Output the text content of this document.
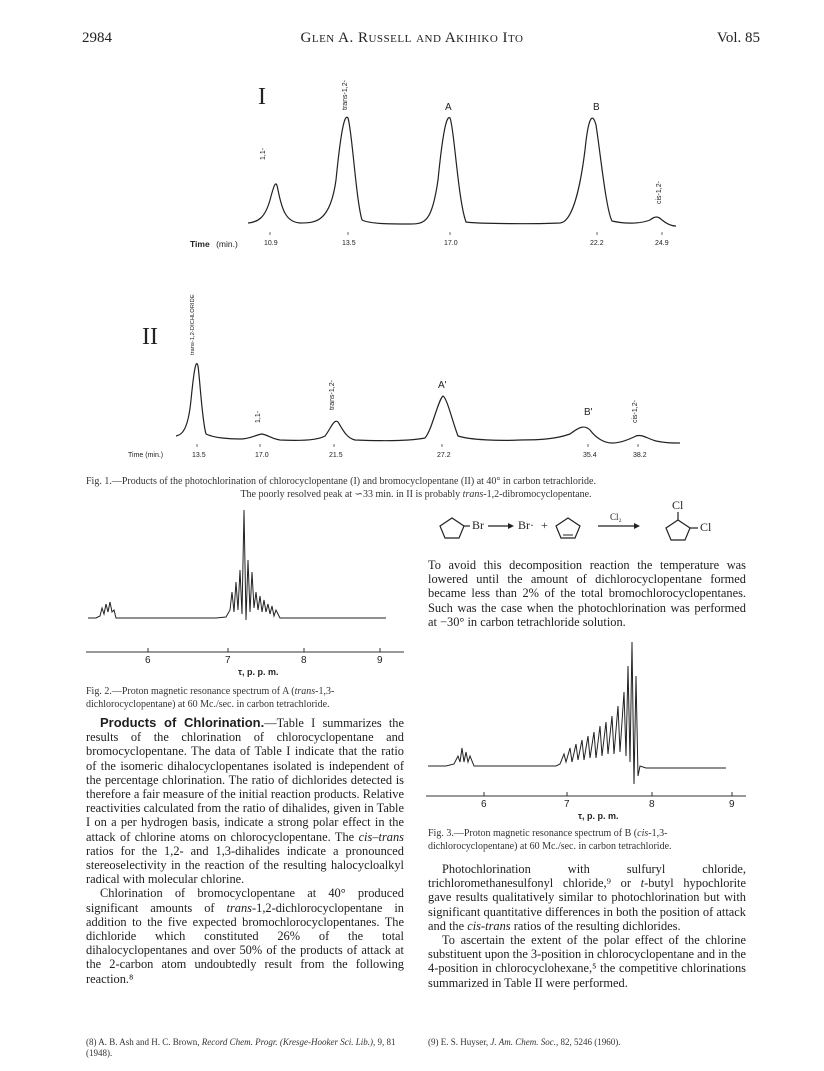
2984	Glen A. Russell and Akihiko Ito	Vol. 85
I
1,1-
trans-1,2-	A	B
cis-1,2-
Time (min.)	10.9	13.5	17.0	22.2	24.9
II	trans-1,2-DICHLORIDE
1,1-
trans-1,2-	A'
B'	cis-1,2-
Time (min.)	13.5	17.0	21.5	27.2	35.4	38.2
Fig. 1.—Products of the photochlorination of chlorocyclopentane (I) and bromocyclopentane (II) at 40° in carbon tetrachloride.
The poorly resolved peak at ∽33 min. in II is probably trans-1,2-dibromocyclopentane.
6	7	8	9
τ, p. p. m.
Fig. 2.—Proton magnetic resonance spectrum of A (trans-1,3-dichlorocyclopentane) at 60 Mc./sec. in carbon tetrachloride.

Products of Chlorination.—Table I summarizes the results of the chlorination of chlorocyclopentane and bromocyclopentane. The data of Table I indicate that the ratio of the isomeric dihalocyclopentanes isolated is independent of the percentage chlorination. The ratio of dichlorides detected is therefore a fair measure of the initial reaction products. Relative reactivities calculated from the ratio of dihalides, given in Table I on a per hydrogen basis, indicate a strong polar effect in the attack of chlorine atoms on chlorocyclopentane. The cis–trans ratios for the 1,2- and 1,3-dihalides indicate a pronounced stereoselectivity in the reaction of the resulting halocycloalkyl radical with molecular chlorine.

Chlorination of bromocyclopentane at 40° produced significant amounts of trans-1,2-dichlorocyclopentane in addition to the five expected bromochlorocyclopentanes. The dichloride which constituted 26% of the total dihalocyclopentanes and over 50% of the products of attack at the 2-carbon atom undoubtedly result from the following reaction.⁸

(8) A. B. Ash and H. C. Brown, Record Chem. Progr. (Kresge-Hooker Sci. Lib.), 9, 81 (1948).
Br	Br· +
Cl₂
Cl
Cl

To avoid this decomposition reaction the temperature was lowered until the amount of dichlorocyclopentane formed became less than 2% of the total bromochlorocyclopentanes. Such was the case when the photochlorination was performed at −30° in carbon tetrachloride solution.

6	7	8	9
τ, p. p. m.
Fig. 3.—Proton magnetic resonance spectrum of B (cis-1,3-dichlorocyclopentane) at 60 Mc./sec. in carbon tetrachloride.

Photochlorination with sulfuryl chloride, trichloromethanesulfonyl chloride,⁹ or t-butyl hypochlorite gave results qualitatively similar to photochlorination but with significant quantitative differences in both the position of attack and the cis-trans ratios of the resulting dichlorides.

To ascertain the extent of the polar effect of the chlorine substituent upon the 3-position in chlorocyclopentane and in the 4-position in chlorocyclohexane,⁵ the competitive chlorinations summarized in Table II were performed.

(9) E. S. Huyser, J. Am. Chem. Soc., 82, 5246 (1960).
